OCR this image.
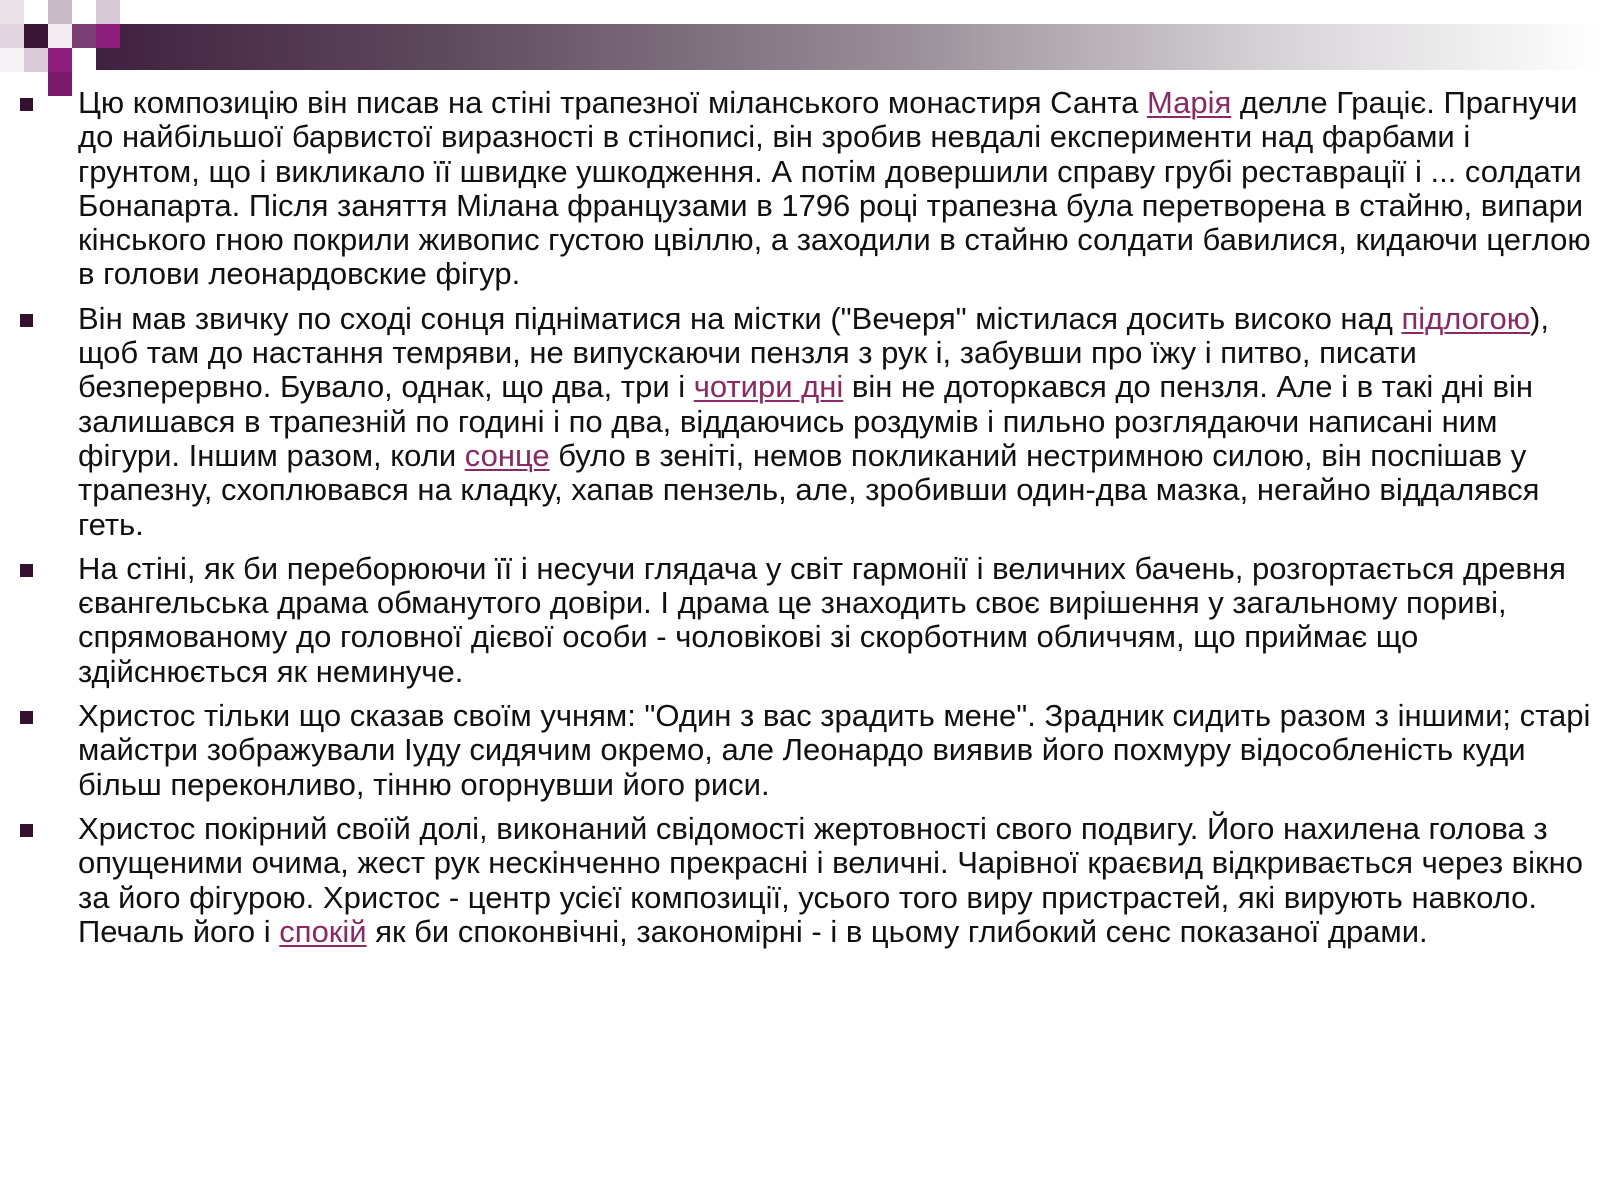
Цю композицію він писав на стіні трапезної міланського монастиря Санта Марія делле Граціє. Прагнучи до найбільшої барвистої виразності в стінописі, він зробив невдалі експерименти над фарбами і грунтом, що і викликало її швидке ушкодження. А потім довершили справу грубі реставрації і ... солдати Бонапарта. Після заняття Мілана французами в 1796 році трапезна була перетворена в стайню, випари кінського гною покрили живопис густою цвіллю, а заходили в стайню солдати бавилися, кидаючи цеглою в голови леонардовские фігур.
Він мав звичку по сході сонця підніматися на містки ("Вечеря" містилася досить високо над підлогою), щоб там до настання темряви, не випускаючи пензля з рук і, забувши про їжу і питво, писати безперервно. Бувало, однак, що два, три і чотири дні він не доторкався до пензля. Але і в такі дні він залишався в трапезній по годині і по два, віддаючись роздумів і пильно розглядаючи написані ним фігури. Іншим разом, коли сонце було в зеніті, немов покликаний нестримною силою, він поспішав у трапезну, схоплювався на кладку, хапав пензель, але, зробивши один-два мазка, негайно віддалявся геть.
На стіні, як би переборюючи її і несучи глядача у світ гармонії і величних бачень, розгортається древня євангельська драма обманутого довіри. І драма це знаходить своє вирішення у загальному пориві, спрямованому до головної дієвої особи - чоловікові зі скорботним обличчям, що приймає що здійснюється як неминуче.
Христос тільки що сказав своїм учням: "Один з вас зрадить мене". Зрадник сидить разом з іншими; старі майстри зображували Іуду сидячим окремо, але Леонардо виявив його похмуру відособленість куди більш переконливо, тінню огорнувши його риси.
Христос покірний своїй долі, виконаний свідомості жертовності свого подвигу. Його нахилена голова з опущеними очима, жест рук нескінченно прекрасні і величні. Чарівної краєвид відкривається через вікно за його фігурою. Христос - центр усієї композиції, усього того виру пристрастей, які вирують навколо. Печаль його і спокій як би споконвічні, закономірні - і в цьому глибокий сенс показаної драми.
